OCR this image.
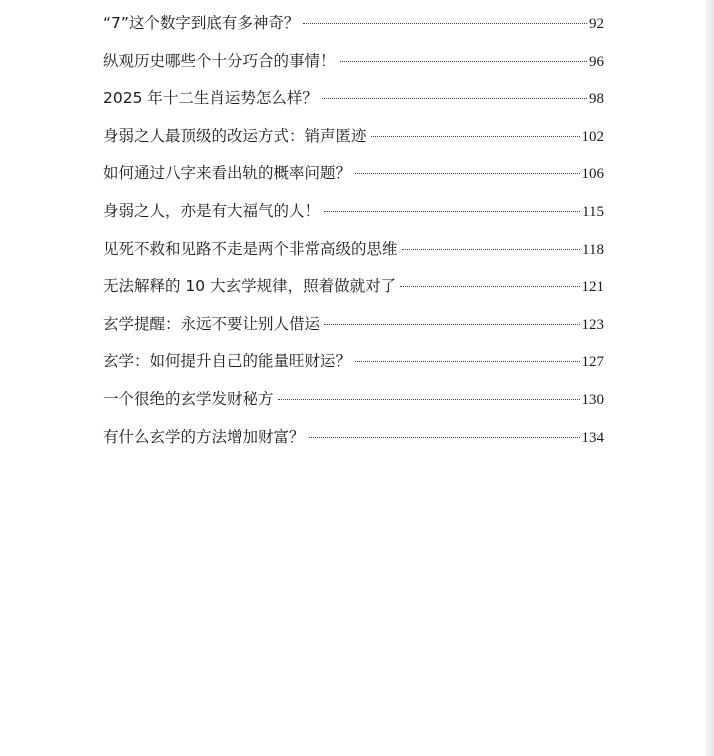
“7”这个数字到底有多神奇？	92
纵观历史哪些个十分巧合的事情！	96
2025 年十二生肖运势怎么样？	98
身弱之人最顶级的改运方式：销声匿迹	102
如何通过八字来看出轨的概率问题？	106
身弱之人，亦是有大福气的人！	115
见死不救和见路不走是两个非常高级的思维	118
无法解释的 10 大玄学规律，照着做就对了	121
玄学提醒：永远不要让别人借运	123
玄学：如何提升自己的能量旺财运？	127
一个很绝的玄学发财秘方	130
有什么玄学的方法增加财富？	134
